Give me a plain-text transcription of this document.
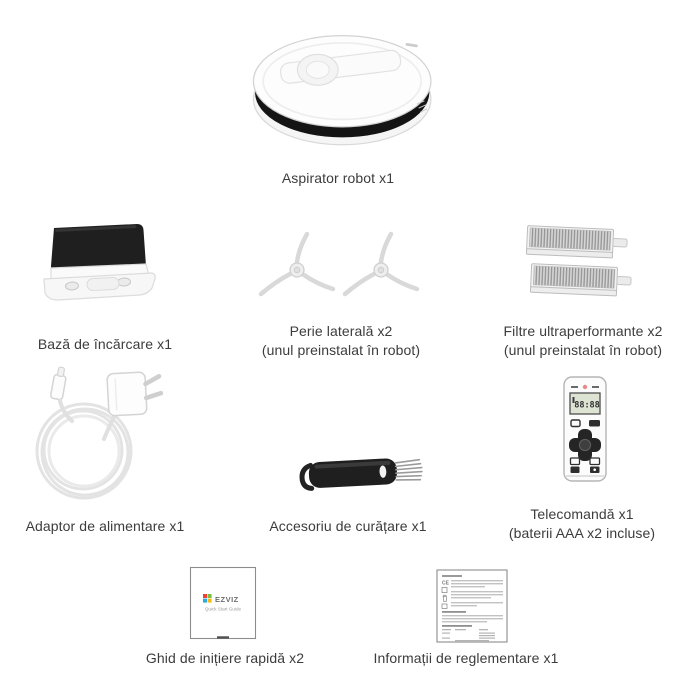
Aspirator robot x1
Bază de încărcare x1
Perie laterală x2
(unul preinstalat în robot)
Filtre ultraperformante x2
(unul preinstalat în robot)
Adaptor de alimentare x1	Accesoriu de curățare x1
88:88
Telecomandă x1
(baterii AAA x2 incluse)
EZVIZ
Quick Start Guide
Ghid de inițiere rapidă x2
CE
Informații de reglementare x1
